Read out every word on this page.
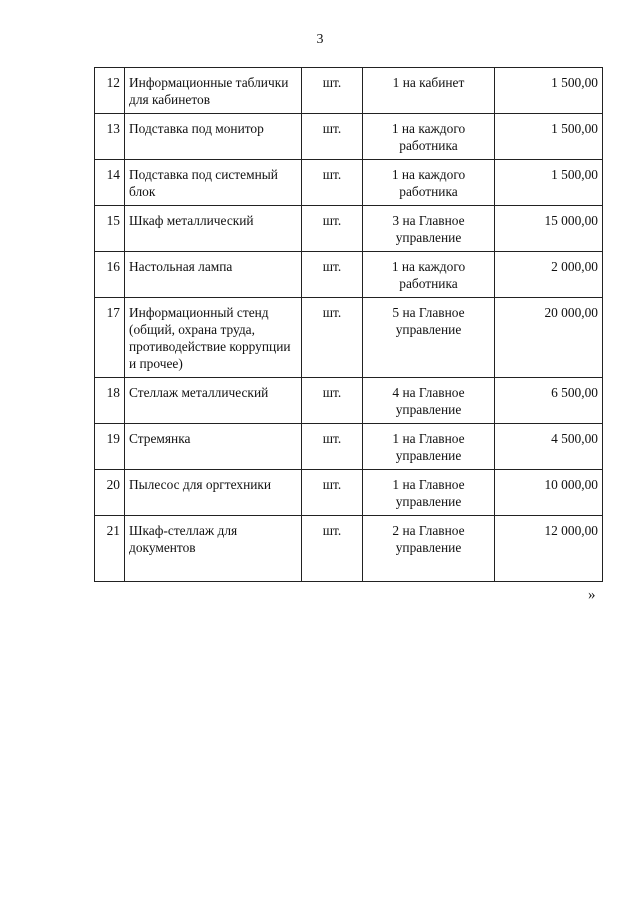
3
12	Информационные таблички для кабинетов	шт.	1 на кабинет	1 500,00
13	Подставка под монитор	шт.	1 на каждого работника	1 500,00
14	Подставка под системный блок	шт.	1 на каждого работника	1 500,00
15	Шкаф металлический	шт.	3 на Главное управление	15 000,00
16	Настольная лампа	шт.	1 на каждого работника	2 000,00
17	Информационный стенд (общий, охрана труда, противодействие коррупции и прочее)	шт.	5 на Главное управление	20 000,00
18	Стеллаж металлический	шт.	4 на Главное управление	6 500,00
19	Стремянка	шт.	1 на Главное управление	4 500,00
20	Пылесос для оргтехники	шт.	1 на Главное управление	10 000,00
21	Шкаф-стеллаж для документов	шт.	2 на Главное управление	12 000,00
»
